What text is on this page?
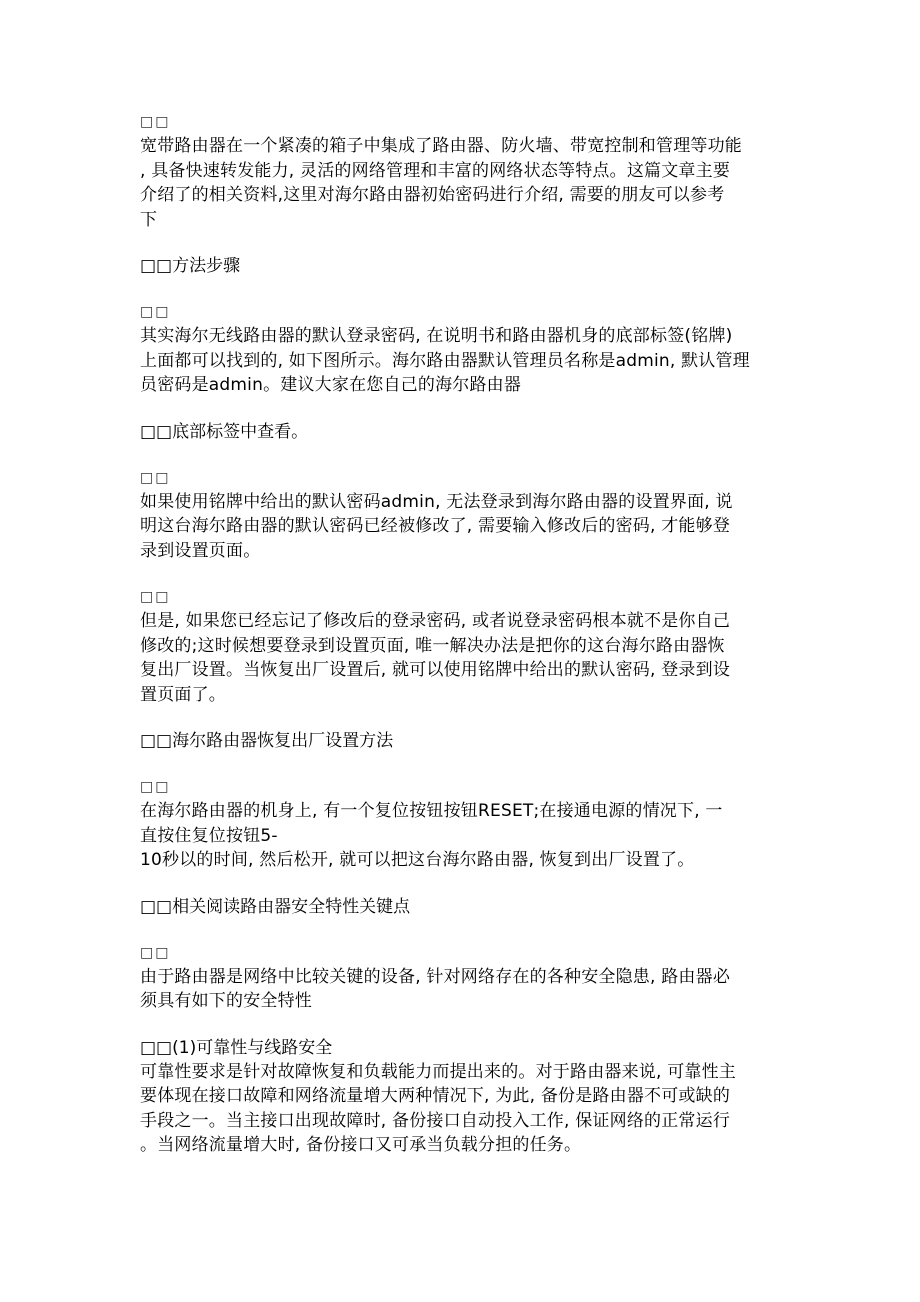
□□

宽带路由器在一个紧凑的箱子中集成了路由器、防火墙、带宽控制和管理等功能
, 具备快速转发能力, 灵活的网络管理和丰富的网络状态等特点。这篇文章主要
介绍了的相关资料,这里对海尔路由器初始密码进行介绍, 需要的朋友可以参考
下

□□方法步骤

□□

其实海尔无线路由器的默认登录密码, 在说明书和路由器机身的底部标签(铭牌)
上面都可以找到的, 如下图所示。海尔路由器默认管理员名称是admin, 默认管理
员密码是admin。建议大家在您自己的海尔路由器

□□底部标签中查看。

□□

如果使用铭牌中给出的默认密码admin, 无法登录到海尔路由器的设置界面, 说
明这台海尔路由器的默认密码已经被修改了, 需要输入修改后的密码, 才能够登
录到设置页面。

□□

但是, 如果您已经忘记了修改后的登录密码, 或者说登录密码根本就不是你自己
修改的;这时候想要登录到设置页面, 唯一解决办法是把你的这台海尔路由器恢
复出厂设置。当恢复出厂设置后, 就可以使用铭牌中给出的默认密码, 登录到设
置页面了。

□□海尔路由器恢复出厂设置方法

□□

在海尔路由器的机身上, 有一个复位按钮按钮RESET;在接通电源的情况下, 一
直按住复位按钮5-
10秒以的时间, 然后松开, 就可以把这台海尔路由器, 恢复到出厂设置了。

□□相关阅读路由器安全特性关键点

□□

由于路由器是网络中比较关键的设备, 针对网络存在的各种安全隐患, 路由器必
须具有如下的安全特性

□□(1)可靠性与线路安全

可靠性要求是针对故障恢复和负载能力而提出来的。对于路由器来说, 可靠性主
要体现在接口故障和网络流量增大两种情况下, 为此, 备份是路由器不可或缺的
手段之一。当主接口出现故障时, 备份接口自动投入工作, 保证网络的正常运行
。当网络流量增大时, 备份接口又可承当负载分担的任务。
